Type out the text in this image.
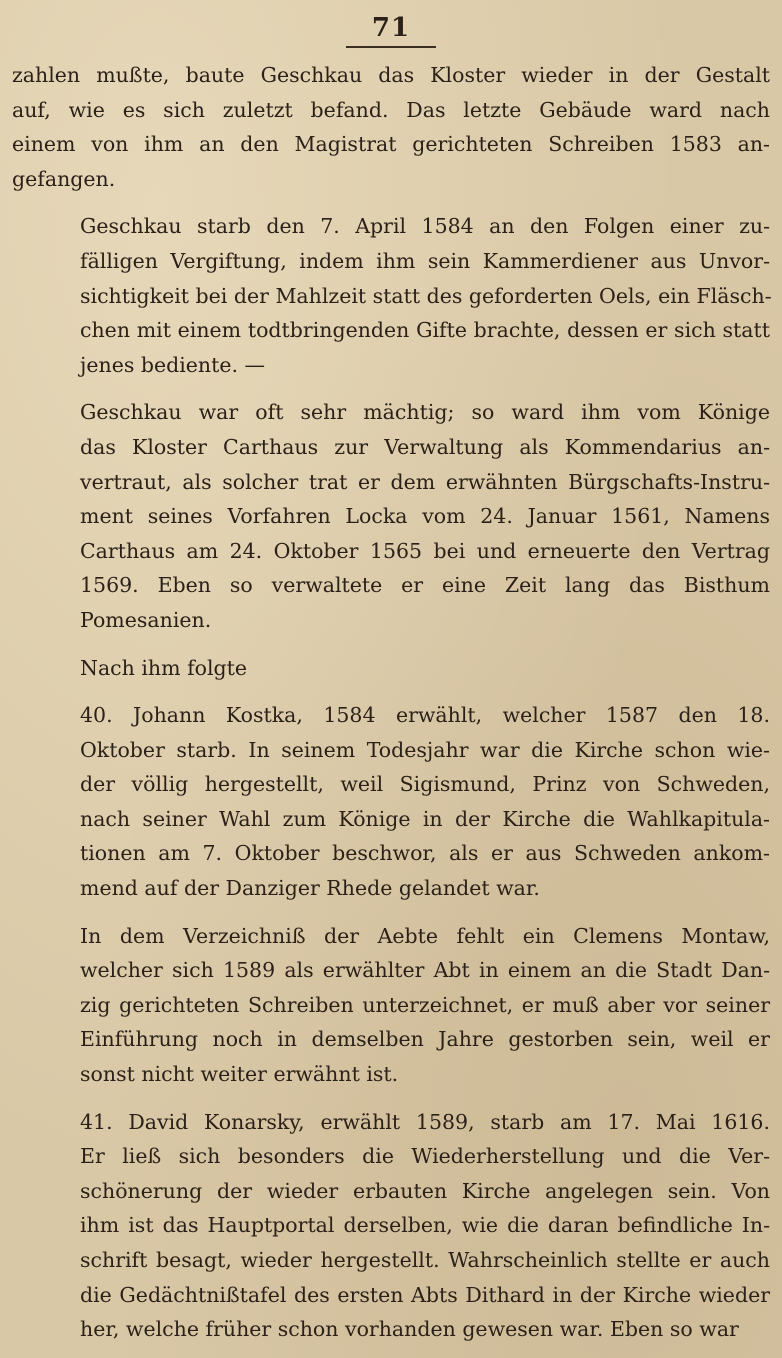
71

zahlen mußte, baute Geschkau das Kloster wieder in der Gestalt
auf, wie es sich zuletzt befand. Das letzte Gebäude ward nach
einem von ihm an den Magistrat gerichteten Schreiben 1583 an-
gefangen.

Geschkau starb den 7. April 1584 an den Folgen einer zu-
fälligen Vergiftung, indem ihm sein Kammerdiener aus Unvor-
sichtigkeit bei der Mahlzeit statt des geforderten Oels, ein Fläsch-
chen mit einem todtbringenden Gifte brachte, dessen er sich statt
jenes bediente. —

Geschkau war oft sehr mächtig; so ward ihm vom Könige
das Kloster Carthaus zur Verwaltung als Kommendarius an-
vertraut, als solcher trat er dem erwähnten Bürgschafts-Instru-
ment seines Vorfahren Locka vom 24. Januar 1561, Namens
Carthaus am 24. Oktober 1565 bei und erneuerte den Vertrag
1569. Eben so verwaltete er eine Zeit lang das Bisthum
Pomesanien.

Nach ihm folgte

40. Johann Kostka, 1584 erwählt, welcher 1587 den 18.
Oktober starb. In seinem Todesjahr war die Kirche schon wie-
der völlig hergestellt, weil Sigismund, Prinz von Schweden,
nach seiner Wahl zum Könige in der Kirche die Wahlkapitula-
tionen am 7. Oktober beschwor, als er aus Schweden ankom-
mend auf der Danziger Rhede gelandet war.

In dem Verzeichniß der Aebte fehlt ein Clemens Montaw,
welcher sich 1589 als erwählter Abt in einem an die Stadt Dan-
zig gerichteten Schreiben unterzeichnet, er muß aber vor seiner
Einführung noch in demselben Jahre gestorben sein, weil er
sonst nicht weiter erwähnt ist.

41. David Konarsky, erwählt 1589, starb am 17. Mai 1616.
Er ließ sich besonders die Wiederherstellung und die Ver-
schönerung der wieder erbauten Kirche angelegen sein. Von
ihm ist das Hauptportal derselben, wie die daran befindliche In-
schrift besagt, wieder hergestellt. Wahrscheinlich stellte er auch
die Gedächtnißtafel des ersten Abts Dithard in der Kirche wieder
her, welche früher schon vorhanden gewesen war. Eben so war
